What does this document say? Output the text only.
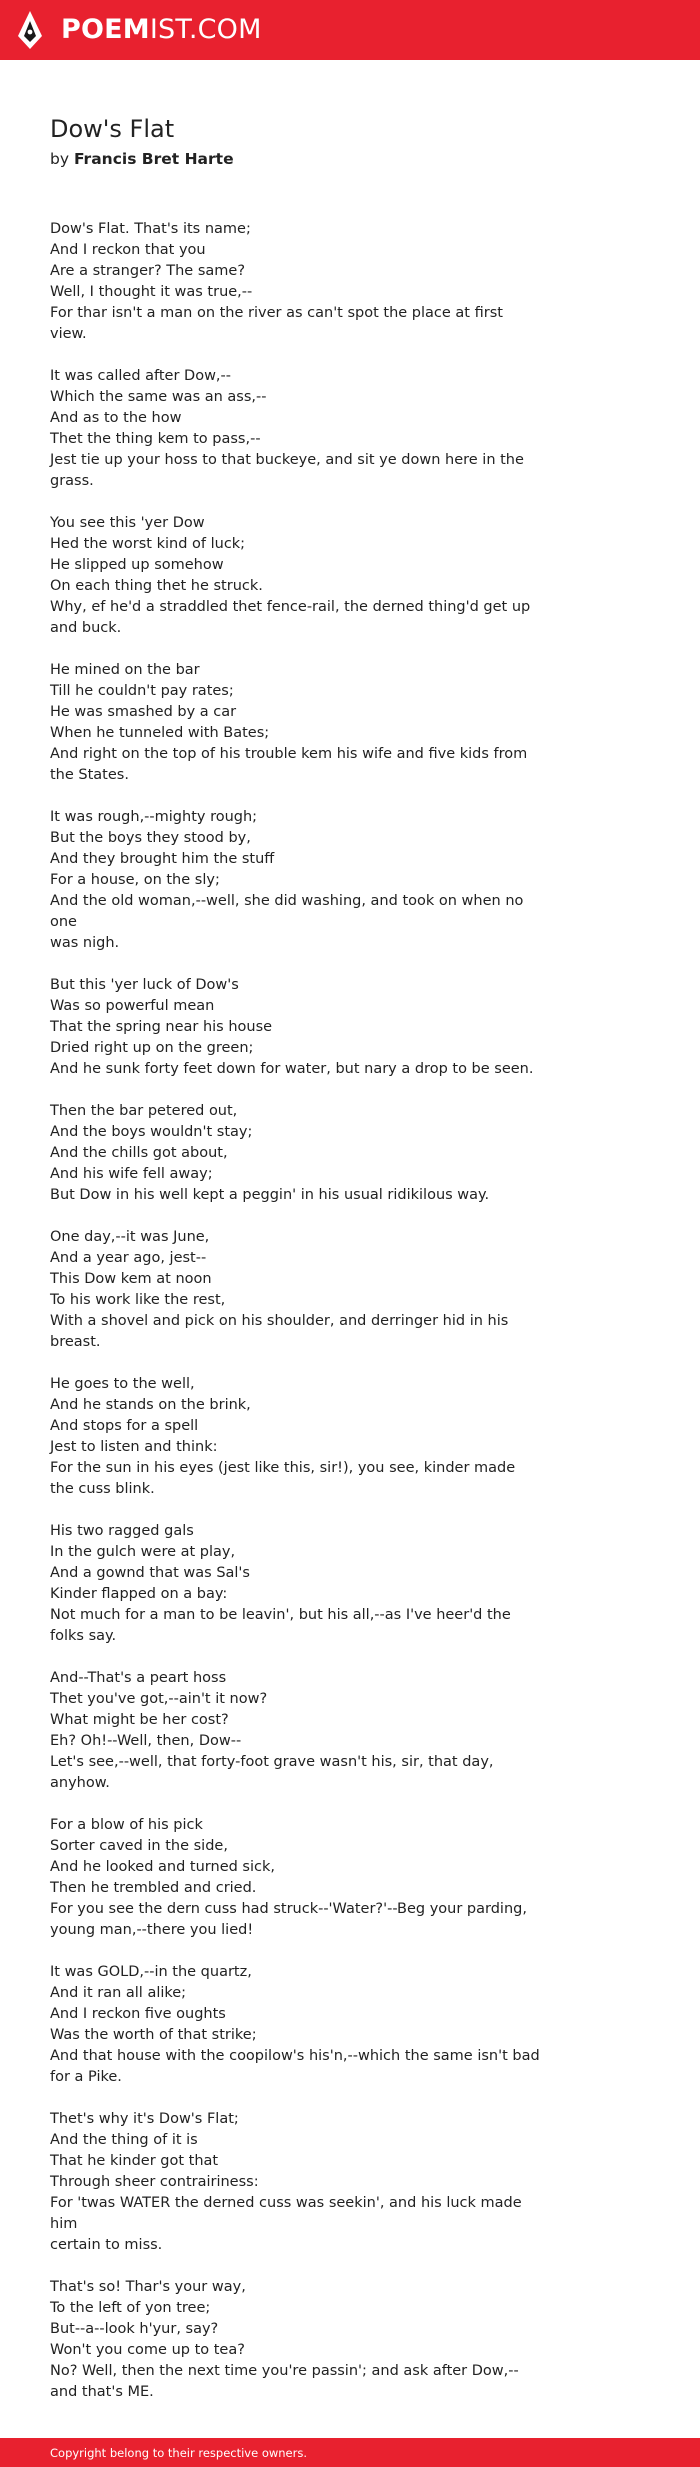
POEMIST.COM
Dow's Flat
by Francis Bret Harte

Dow's Flat. That's its name;
And I reckon that you
Are a stranger? The same?
Well, I thought it was true,--
For thar isn't a man on the river as can't spot the place at first
view.

It was called after Dow,--
Which the same was an ass,--
And as to the how
Thet the thing kem to pass,--
Jest tie up your hoss to that buckeye, and sit ye down here in the
grass.

You see this 'yer Dow
Hed the worst kind of luck;
He slipped up somehow
On each thing thet he struck.
Why, ef he'd a straddled thet fence-rail, the derned thing'd get up
and buck.

He mined on the bar
Till he couldn't pay rates;
He was smashed by a car
When he tunneled with Bates;
And right on the top of his trouble kem his wife and five kids from
the States.

It was rough,--mighty rough;
But the boys they stood by,
And they brought him the stuff
For a house, on the sly;
And the old woman,--well, she did washing, and took on when no one
was nigh.

But this 'yer luck of Dow's
Was so powerful mean
That the spring near his house
Dried right up on the green;
And he sunk forty feet down for water, but nary a drop to be seen.

Then the bar petered out,
And the boys wouldn't stay;
And the chills got about,
And his wife fell away;
But Dow in his well kept a peggin' in his usual ridikilous way.

One day,--it was June,
And a year ago, jest--
This Dow kem at noon
To his work like the rest,
With a shovel and pick on his shoulder, and derringer hid in his
breast.

He goes to the well,
And he stands on the brink,
And stops for a spell
Jest to listen and think:
For the sun in his eyes (jest like this, sir!), you see, kinder made
the cuss blink.

His two ragged gals
In the gulch were at play,
And a gownd that was Sal's
Kinder flapped on a bay:
Not much for a man to be leavin', but his all,--as I've heer'd the
folks say.

And--That's a peart hoss
Thet you've got,--ain't it now?
What might be her cost?
Eh? Oh!--Well, then, Dow--
Let's see,--well, that forty-foot grave wasn't his, sir, that day,
anyhow.

For a blow of his pick
Sorter caved in the side,
And he looked and turned sick,
Then he trembled and cried.
For you see the dern cuss had struck--'Water?'--Beg your parding,
young man,--there you lied!

It was GOLD,--in the quartz,
And it ran all alike;
And I reckon five oughts
Was the worth of that strike;
And that house with the coopilow's his'n,--which the same isn't bad
for a Pike.

Thet's why it's Dow's Flat;
And the thing of it is
That he kinder got that
Through sheer contrairiness:
For 'twas WATER the derned cuss was seekin', and his luck made him
certain to miss.

That's so! Thar's your way,
To the left of yon tree;
But--a--look h'yur, say?
Won't you come up to tea?
No? Well, then the next time you're passin'; and ask after Dow,--
and that's ME.

Copyright belong to their respective owners.
